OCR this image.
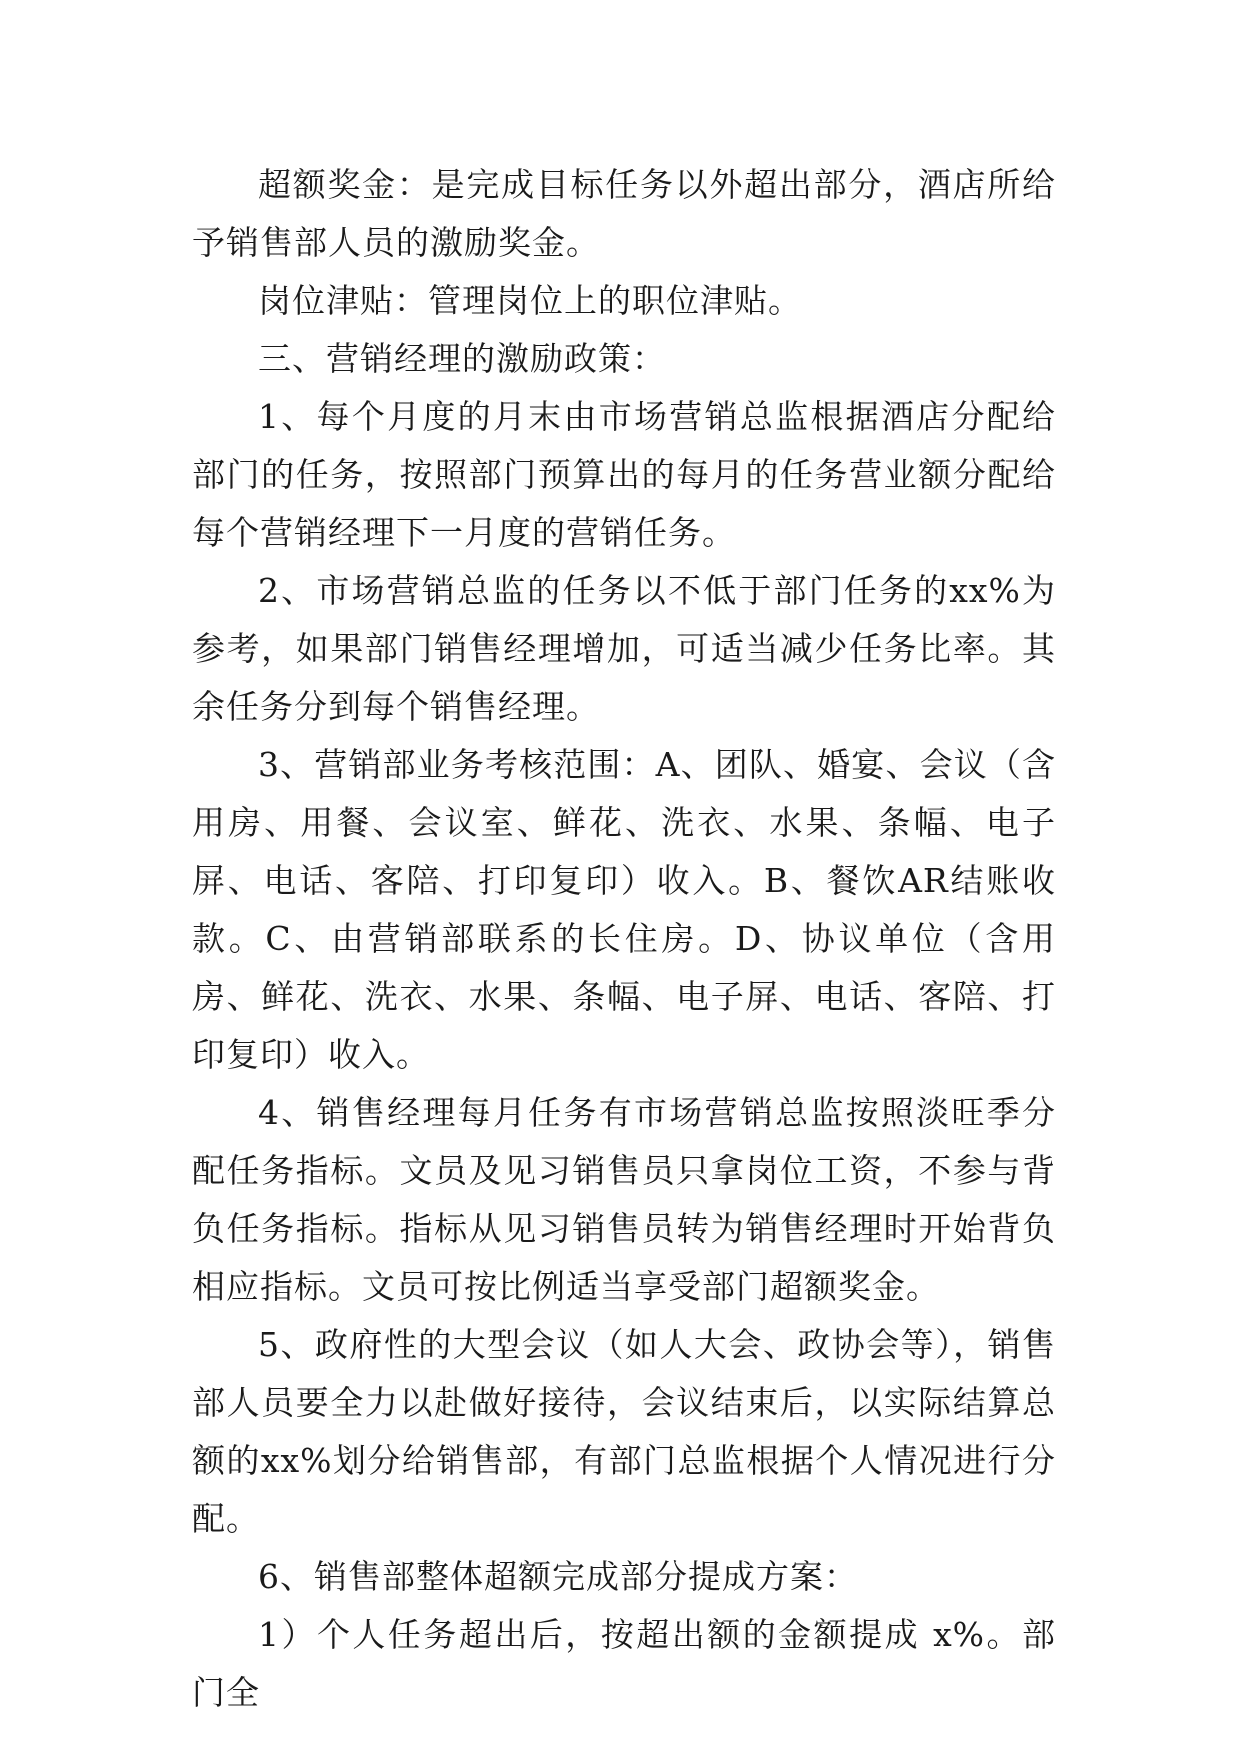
超额奖金：是完成目标任务以外超出部分，酒店所给予销售部人员的激励奖金。

岗位津贴：管理岗位上的职位津贴。

三、营销经理的激励政策：

1、每个月度的月末由市场营销总监根据酒店分配给部门的任务，按照部门预算出的每月的任务营业额分配给每个营销经理下一月度的营销任务。

2、市场营销总监的任务以不低于部门任务的xx%为参考，如果部门销售经理增加，可适当减少任务比率。其余任务分到每个销售经理。

3、营销部业务考核范围：A、团队、婚宴、会议（含用房、用餐、会议室、鲜花、洗衣、水果、条幅、电子屏、电话、客陪、打印复印）收入。B、餐饮AR结账收款。C、由营销部联系的长住房。D、协议单位（含用房、鲜花、洗衣、水果、条幅、电子屏、电话、客陪、打印复印）收入。

4、销售经理每月任务有市场营销总监按照淡旺季分配任务指标。文员及见习销售员只拿岗位工资，不参与背负任务指标。指标从见习销售员转为销售经理时开始背负相应指标。文员可按比例适当享受部门超额奖金。

5、政府性的大型会议（如人大会、政协会等），销售部人员要全力以赴做好接待，会议结束后，以实际结算总额的xx%划分给销售部，有部门总监根据个人情况进行分配。

6、销售部整体超额完成部分提成方案：

1）个人任务超出后，按超出额的金额提成 x%。部门全
